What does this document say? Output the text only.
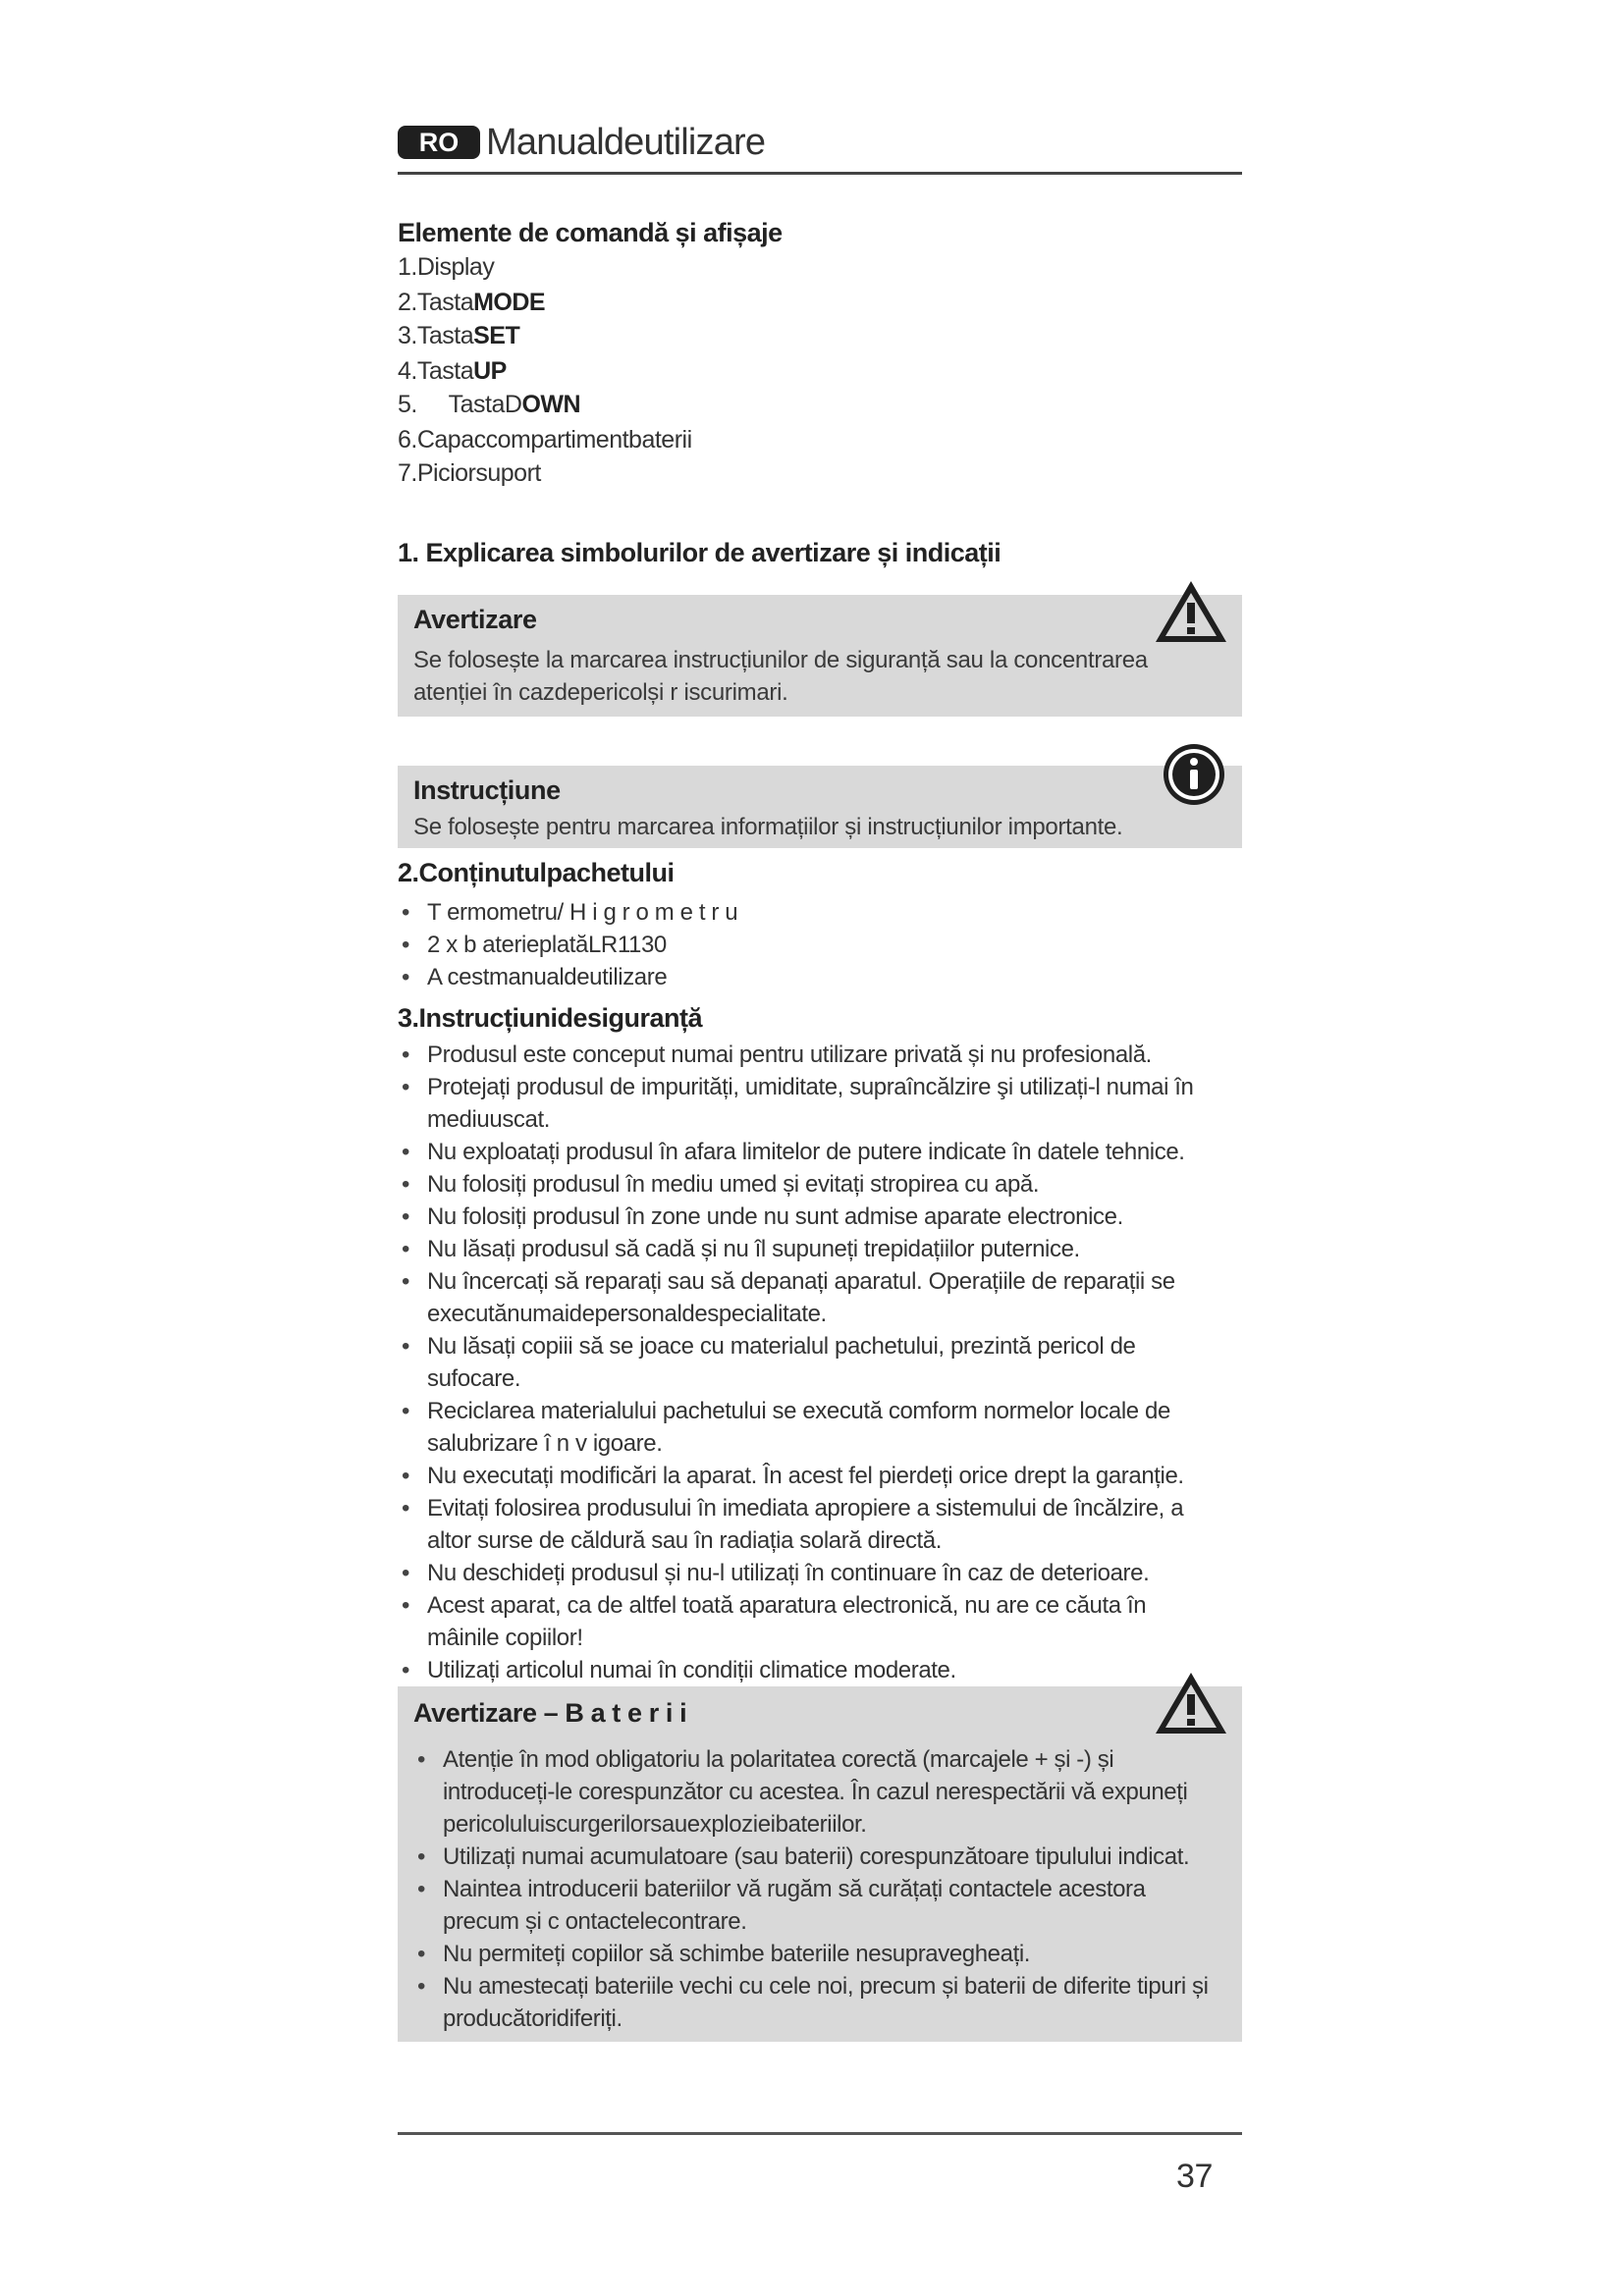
RO Manualdeutilizare
Elemente de comandă și afișaje
1.Display
2.TastaMODE
3.TastaSET
4.TastaUP
5.     TastaDOWN
6.Capaccompartimentbaterii
7.Piciorsuport
1. Explicarea simbolurilor de avertizare și indicații
Avertizare
Se folosește la marcarea instrucțiunilor de siguranță sau la concentrarea atenției în cazdepericolși r iscurimari.
Instrucțiune
Se folosește pentru marcarea informațiilor și instrucțiunilor importante.
2.Conținutulpachetului
• T ermometru/ H i g r o m e t r u
• 2 x b aterieplatăLR1130
• A cestmanualdeutilizare
3.Instrucțiunidesiguranță
• Produsul este conceput numai pentru utilizare privată și nu profesională.
• Protejați produsul de impurități, umiditate, supraîncălzire şi utilizați-l numai în mediuuscat.
• Nu exploatați produsul în afara limitelor de putere indicate în datele tehnice.
• Nu folosiți produsul în mediu umed și evitați stropirea cu apă.
• Nu folosiți produsul în zone unde nu sunt admise aparate electronice.
• Nu lăsați produsul să cadă și nu îl supuneți trepidațiilor puternice.
• Nu încercați să reparați sau să depanați aparatul. Operațiile de reparații se executănumaidepersonaldespecialitate.
• Nu lăsați copiii să se joace cu materialul pachetului, prezintă pericol de sufocare.
• Reciclarea materialului pachetului se execută comform normelor locale de salubrizare î n v igoare.
• Nu executați modificări la aparat. În acest fel pierdeți orice drept la garanție.
• Evitați folosirea produsului în imediata apropiere a sistemului de încălzire, a altor surse de căldură sau în radiația solară directă.
• Nu deschideți produsul și nu-l utilizați în continuare în caz de deterioare.
• Acest aparat, ca de altfel toată aparatura electronică, nu are ce căuta în mâinile copiilor!
• Utilizați articolul numai în condiții climatice moderate.
Avertizare – B a t e r i i
• Atenție în mod obligatoriu la polaritatea corectă (marcajele + și -) și introduceți-le corespunzător cu acestea. În cazul nerespectării vă expuneți pericoluluiscurgerilorsauexplozieibateriilor.
• Utilizați numai acumulatoare (sau baterii) corespunzătoare tipulului indicat.
• Naintea introducerii bateriilor vă rugăm să curățați contactele acestora precum și c ontactelecontrare.
• Nu permiteți copiilor să schimbe bateriile nesupravegheați.
• Nu amestecați bateriile vechi cu cele noi, precum și baterii de diferite tipuri și producătoridiferiți.
37
